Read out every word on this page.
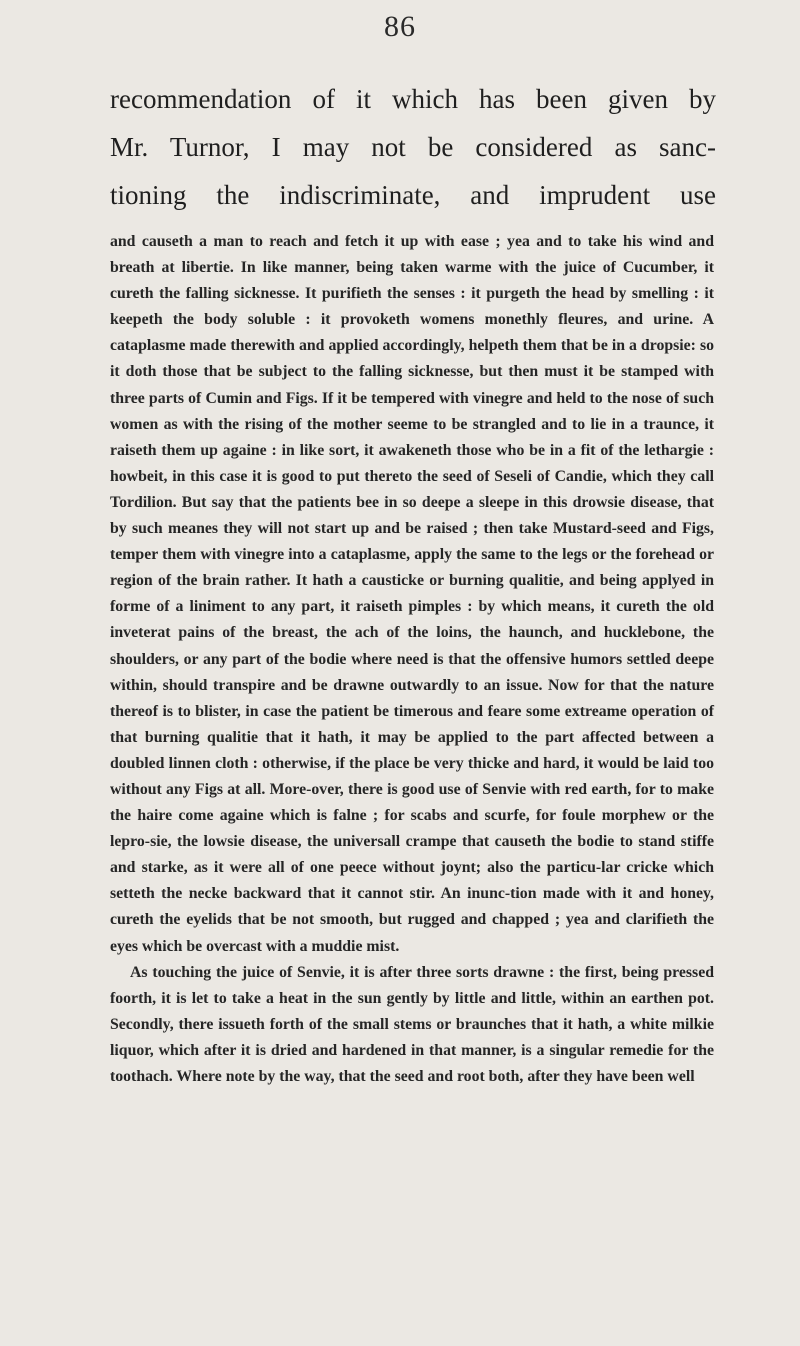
86
recommendation of it which has been given by
Mr. Turnor, I may not be considered as sanc-
tioning the indiscriminate, and imprudent use

and causeth a man to reach and fetch it up with ease ; yea and to take his wind and breath at libertie. In like manner, being taken warme with the juice of Cucumber, it cureth the falling sicknesse. It purifieth the senses : it purgeth the head by smelling : it keepeth the body soluble : it provoketh womens monethly fleures, and urine. A cataplasme made therewith and applied accordingly, helpeth them that be in a dropsie: so it doth those that be subject to the falling sicknesse, but then must it be stamped with three parts of Cumin and Figs. If it be tempered with vinegre and held to the nose of such women as with the rising of the mother seeme to be strangled and to lie in a traunce, it raiseth them up againe : in like sort, it awakeneth those who be in a fit of the lethargie : howbeit, in this case it is good to put thereto the seed of Seseli of Candie, which they call Tordilion. But say that the patients bee in so deepe a sleepe in this drowsie disease, that by such meanes they will not start up and be raised ; then take Mustard-seed and Figs, temper them with vinegre into a cataplasme, apply the same to the legs or the forehead or region of the brain rather. It hath a causticke or burning qualitie, and being applyed in forme of a liniment to any part, it raiseth pimples : by which means, it cureth the old inveterat pains of the breast, the ach of the loins, the haunch, and hucklebone, the shoulders, or any part of the bodie where need is that the offensive humors settled deepe within, should transpire and be drawne outwardly to an issue. Now for that the nature thereof is to blister, in case the patient be timerous and feare some extreame operation of that burning qualitie that it hath, it may be applied to the part affected between a doubled linnen cloth : otherwise, if the place be very thicke and hard, it would be laid too without any Figs at all. More-over, there is good use of Senvie with red earth, for to make the haire come againe which is falne ; for scabs and scurfe, for foule morphew or the lepro-sie, the lowsie disease, the universall crampe that causeth the bodie to stand stiffe and starke, as it were all of one peece without joynt; also the particu-lar cricke which setteth the necke backward that it cannot stir. An inunc-tion made with it and honey, cureth the eyelids that be not smooth, but rugged and chapped ; yea and clarifieth the eyes which be overcast with a muddie mist.

As touching the juice of Senvie, it is after three sorts drawne : the first, being pressed foorth, it is let to take a heat in the sun gently by little and little, within an earthen pot. Secondly, there issueth forth of the small stems or braunches that it hath, a white milkie liquor, which after it is dried and hardened in that manner, is a singular remedie for the toothach. Where note by the way, that the seed and root both, after they have been well
